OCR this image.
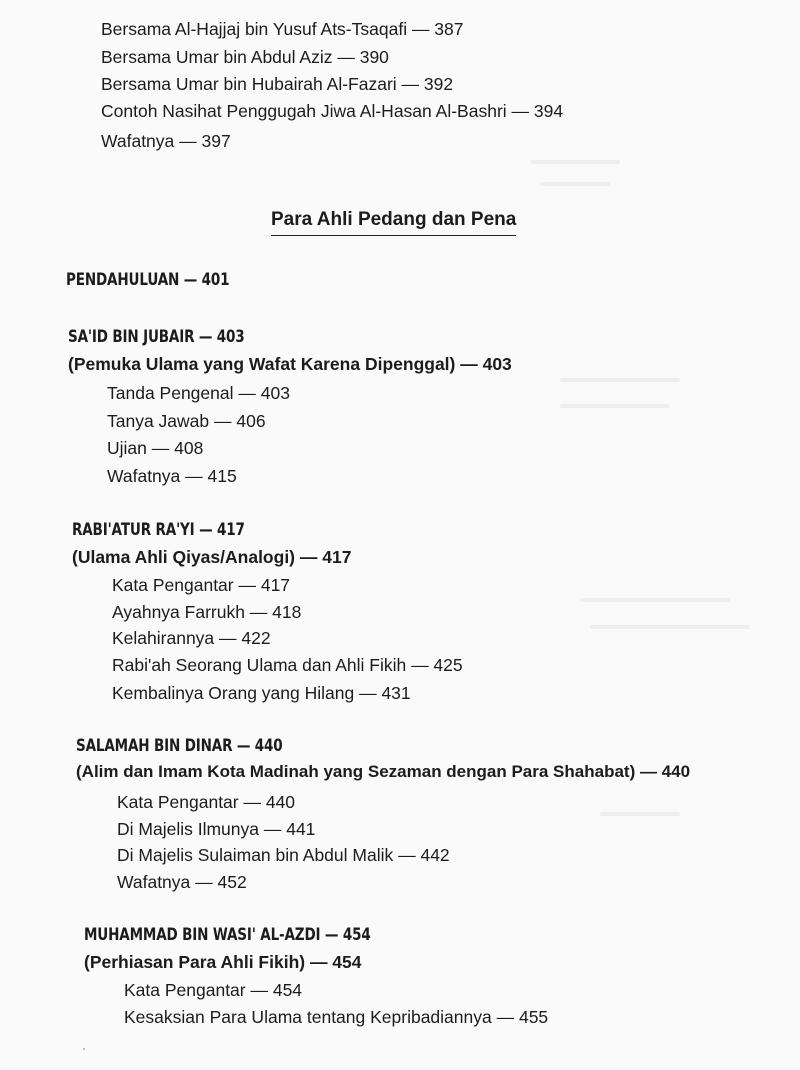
Bersama Al-Hajjaj bin Yusuf Ats-Tsaqafi — 387
Bersama Umar bin Abdul Aziz — 390
Bersama Umar bin Hubairah Al-Fazari — 392
Contoh Nasihat Penggugah Jiwa Al-Hasan Al-Bashri — 394
Wafatnya — 397
Para Ahli Pedang dan Pena
PENDAHULUAN — 401
SA'ID BIN JUBAIR — 403
(Pemuka Ulama yang Wafat Karena Dipenggal) — 403
Tanda Pengenal — 403
Tanya Jawab — 406
Ujian — 408
Wafatnya — 415
RABI'ATUR RA'YI — 417
(Ulama Ahli Qiyas/Analogi) — 417
Kata Pengantar — 417
Ayahnya Farrukh — 418
Kelahirannya — 422
Rabi'ah Seorang Ulama dan Ahli Fikih — 425
Kembalinya Orang yang Hilang — 431
SALAMAH BIN DINAR — 440
(Alim dan Imam Kota Madinah yang Sezaman dengan Para Shahabat) — 440
Kata Pengantar — 440
Di Majelis Ilmunya — 441
Di Majelis Sulaiman bin Abdul Malik — 442
Wafatnya — 452
MUHAMMAD BIN WASI' AL-AZDI — 454
(Perhiasan Para Ahli Fikih) — 454
Kata Pengantar — 454
Kesaksian Para Ulama tentang Kepribadiannya — 455
